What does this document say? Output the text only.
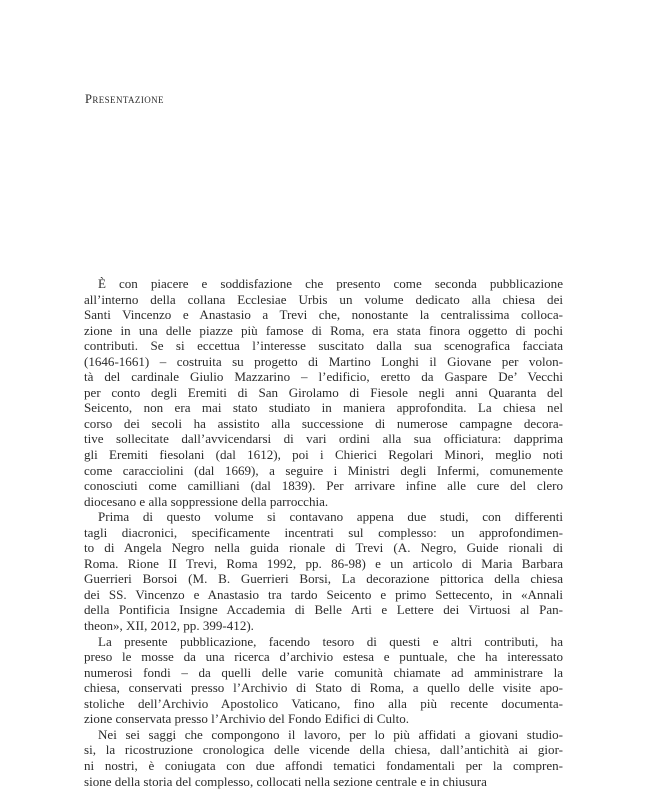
Presentazione

È con piacere e soddisfazione che presento come seconda pubblicazione
all’interno della collana Ecclesiae Urbis un volume dedicato alla chiesa dei
Santi Vincenzo e Anastasio a Trevi che, nonostante la centralissima colloca-
zione in una delle piazze più famose di Roma, era stata finora oggetto di pochi
contributi. Se si eccettua l’interesse suscitato dalla sua scenografica facciata
(1646-1661) – costruita su progetto di Martino Longhi il Giovane per volon-
tà del cardinale Giulio Mazzarino – l’edificio, eretto da Gaspare De’ Vecchi
per conto degli Eremiti di San Girolamo di Fiesole negli anni Quaranta del
Seicento, non era mai stato studiato in maniera approfondita. La chiesa nel
corso dei secoli ha assistito alla successione di numerose campagne decora-
tive sollecitate dall’avvicendarsi di vari ordini alla sua officiatura: dapprima
gli Eremiti fiesolani (dal 1612), poi i Chierici Regolari Minori, meglio noti
come caracciolini (dal 1669), a seguire i Ministri degli Infermi, comunemente
conosciuti come camilliani (dal 1839). Per arrivare infine alle cure del clero
diocesano e alla soppressione della parrocchia.

Prima di questo volume si contavano appena due studi, con differenti
tagli diacronici, specificamente incentrati sul complesso: un approfondimen-
to di Angela Negro nella guida rionale di Trevi (A. Negro, Guide rionali di
Roma. Rione II Trevi, Roma 1992, pp. 86-98) e un articolo di Maria Barbara
Guerrieri Borsoi (M. B. Guerrieri Borsi, La decorazione pittorica della chiesa
dei SS. Vincenzo e Anastasio tra tardo Seicento e primo Settecento, in «Annali
della Pontificia Insigne Accademia di Belle Arti e Lettere dei Virtuosi al Pan-
theon», XII, 2012, pp. 399-412).

La presente pubblicazione, facendo tesoro di questi e altri contributi, ha
preso le mosse da una ricerca d’archivio estesa e puntuale, che ha interessato
numerosi fondi – da quelli delle varie comunità chiamate ad amministrare la
chiesa, conservati presso l’Archivio di Stato di Roma, a quello delle visite apo-
stoliche dell’Archivio Apostolico Vaticano, fino alla più recente documenta-
zione conservata presso l’Archivio del Fondo Edifici di Culto.

Nei sei saggi che compongono il lavoro, per lo più affidati a giovani studio-
si, la ricostruzione cronologica delle vicende della chiesa, dall’antichità ai gior-
ni nostri, è coniugata con due affondi tematici fondamentali per la compren-
sione della storia del complesso, collocati nella sezione centrale e in chiusura
